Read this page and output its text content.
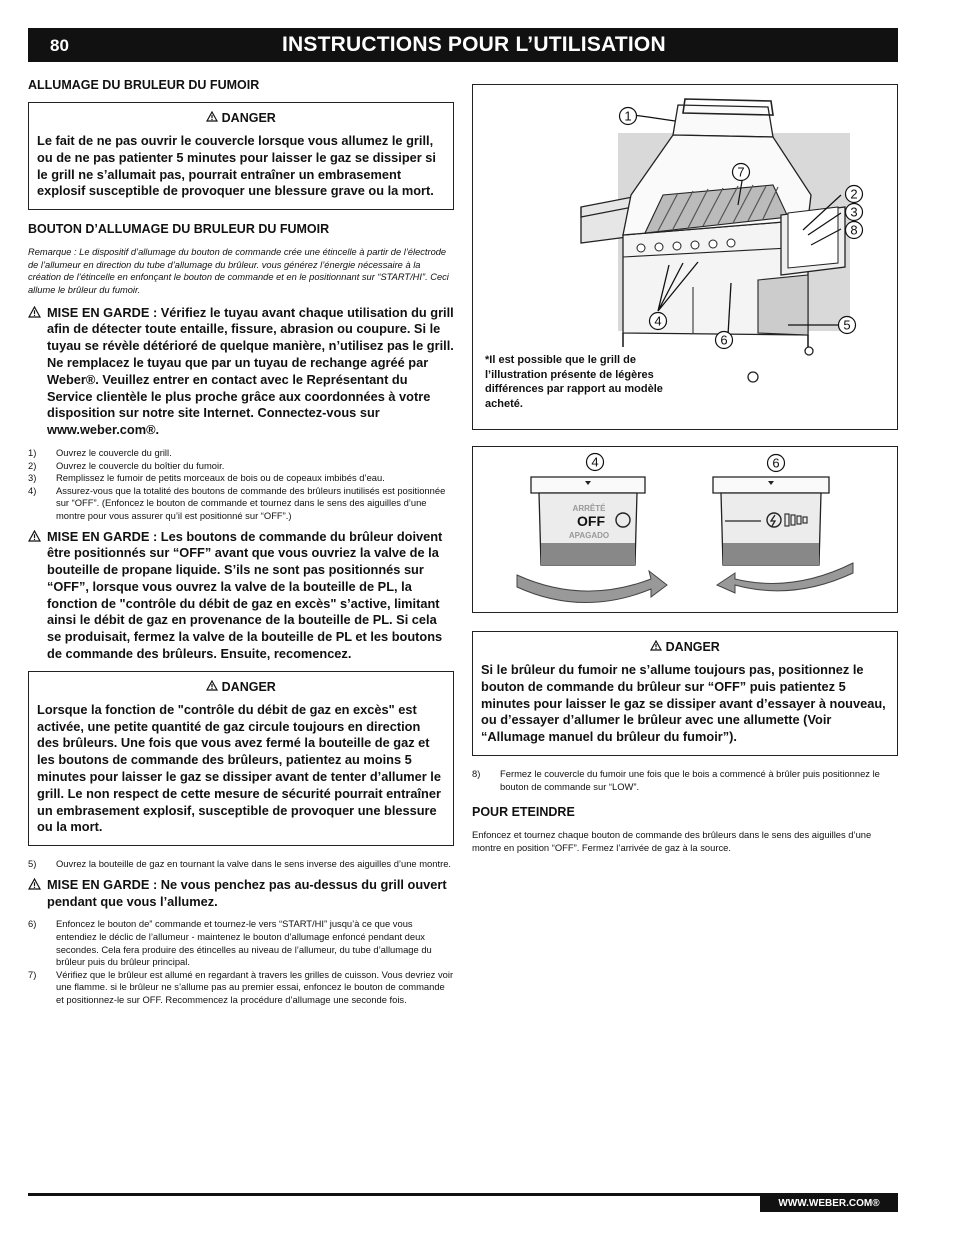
80	INSTRUCTIONS POUR L’UTILISATION
ALLUMAGE DU BRULEUR DU FUMOIR
DANGER
Le fait de ne pas ouvrir le couvercle lorsque vous allumez le grill, ou de ne pas patienter 5 minutes pour laisser le gaz se dissiper si le grill ne s’allumait pas, pourrait entraîner un embrasement explosif susceptible de provoquer une blessure grave ou la mort.
BOUTON D’ALLUMAGE DU BRULEUR DU FUMOIR
Remarque : Le dispositif d’allumage du bouton de commande crée une étincelle à partir de l’électrode de l’allumeur en direction du tube d’allumage du brûleur. vous générez l’énergie nécessaire à la création de l’étincelle en enfonçant le bouton de commande et en le positionnant sur “START/HI”. Ceci allume le brûleur du fumoir.
MISE EN GARDE : Vérifiez le tuyau avant chaque utilisation du grill afin de détecter toute entaille, fissure, abrasion ou coupure. Si le tuyau se révèle détérioré de quelque manière, n’utilisez pas le grill. Ne remplacez le tuyau que par un tuyau de rechange agréé par Weber®. Veuillez entrer en contact avec le Représentant du Service clientèle le plus proche grâce aux coordonnées à votre disposition sur notre site Internet. Connectez-vous sur www.weber.com®.
1)	Ouvrez le couvercle du grill.
2)	Ouvrez le couvercle du boîtier du fumoir.
3)	Remplissez le fumoir de petits morceaux de bois ou de copeaux imbibés d’eau.
4)	Assurez-vous que la totalité des boutons de commande des brûleurs inutilisés est positionnée sur “OFF”. (Enfoncez le bouton de commande et tournez dans le sens des aiguilles d’une montre pour vous assurer qu’il est positionné sur “OFF”.)
MISE EN GARDE : Les boutons de commande du brûleur doivent être positionnés sur “OFF” avant que vous ouvriez la valve de la bouteille de propane liquide. S’ils ne sont pas positionnés sur “OFF”, lorsque vous ouvrez la valve de la bouteille de PL, la fonction de "contrôle du débit de gaz en excès" s’active, limitant ainsi le débit de gaz en provenance de la bouteille de PL. Si cela se produisait, fermez la valve de la bouteille de PL et les boutons de commande des brûleurs. Ensuite, recomencez.
DANGER
Lorsque la fonction de "contrôle du débit de gaz en excès" est activée, une petite quantité de gaz circule toujours en direction des brûleurs. Une fois que vous avez fermé la bouteille de gaz et les boutons de commande des brûleurs, patientez au moins 5 minutes pour laisser le gaz se dissiper avant de tenter d’allumer le grill. Le non respect de cette mesure de sécurité pourrait entraîner un embrasement explosif, susceptible de provoquer une blessure ou la mort.
5)	Ouvrez la bouteille de gaz en tournant la valve dans le sens inverse des aiguilles d’une montre.
MISE EN GARDE : Ne vous penchez pas au-dessus du grill ouvert pendant que vous l’allumez.
6)	Enfoncez le bouton de” commande et tournez-le vers “START/HI” jusqu’à ce que vous entendiez le déclic de l’allumeur - maintenez le bouton d’allumage enfoncé pendant deux secondes. Cela fera produire des étincelles au niveau de l’allumeur, du tube d’allumage du brûleur puis du brûleur principal.
7)	Vérifiez que le brûleur est allumé en regardant à travers les grilles de cuisson. Vous devriez voir une flamme. si le brûleur ne s’allume pas au premier essai, enfoncez le bouton de commande et positionnez-le sur OFF. Recommencez la procédure d’allumage une seconde fois.
1
7
2
3
8
4
6
5
*Il est possible que le grill de l’illustration présente de légères différences par rapport au modèle acheté.
ARRÊTÉ
OFF
APAGADO
4	6
DANGER
Si le brûleur du fumoir ne s’allume toujours pas, positionnez le bouton de commande du brûleur sur “OFF” puis patientez 5 minutes pour laisser le gaz se dissiper avant d’essayer à nouveau, ou d’essayer d’allumer le brûleur avec une allumette (Voir “Allumage manuel du brûleur du fumoir”).
8)	Fermez le couvercle du fumoir une fois que le bois a commencé à brûler puis positionnez le bouton de commande sur “LOW”.
POUR ETEINDRE
Enfoncez et tournez chaque bouton de commande des brûleurs dans le sens des aiguilles d’une montre en position “OFF”. Fermez l’arrivée de gaz à la source.
WWW.WEBER.COM®
